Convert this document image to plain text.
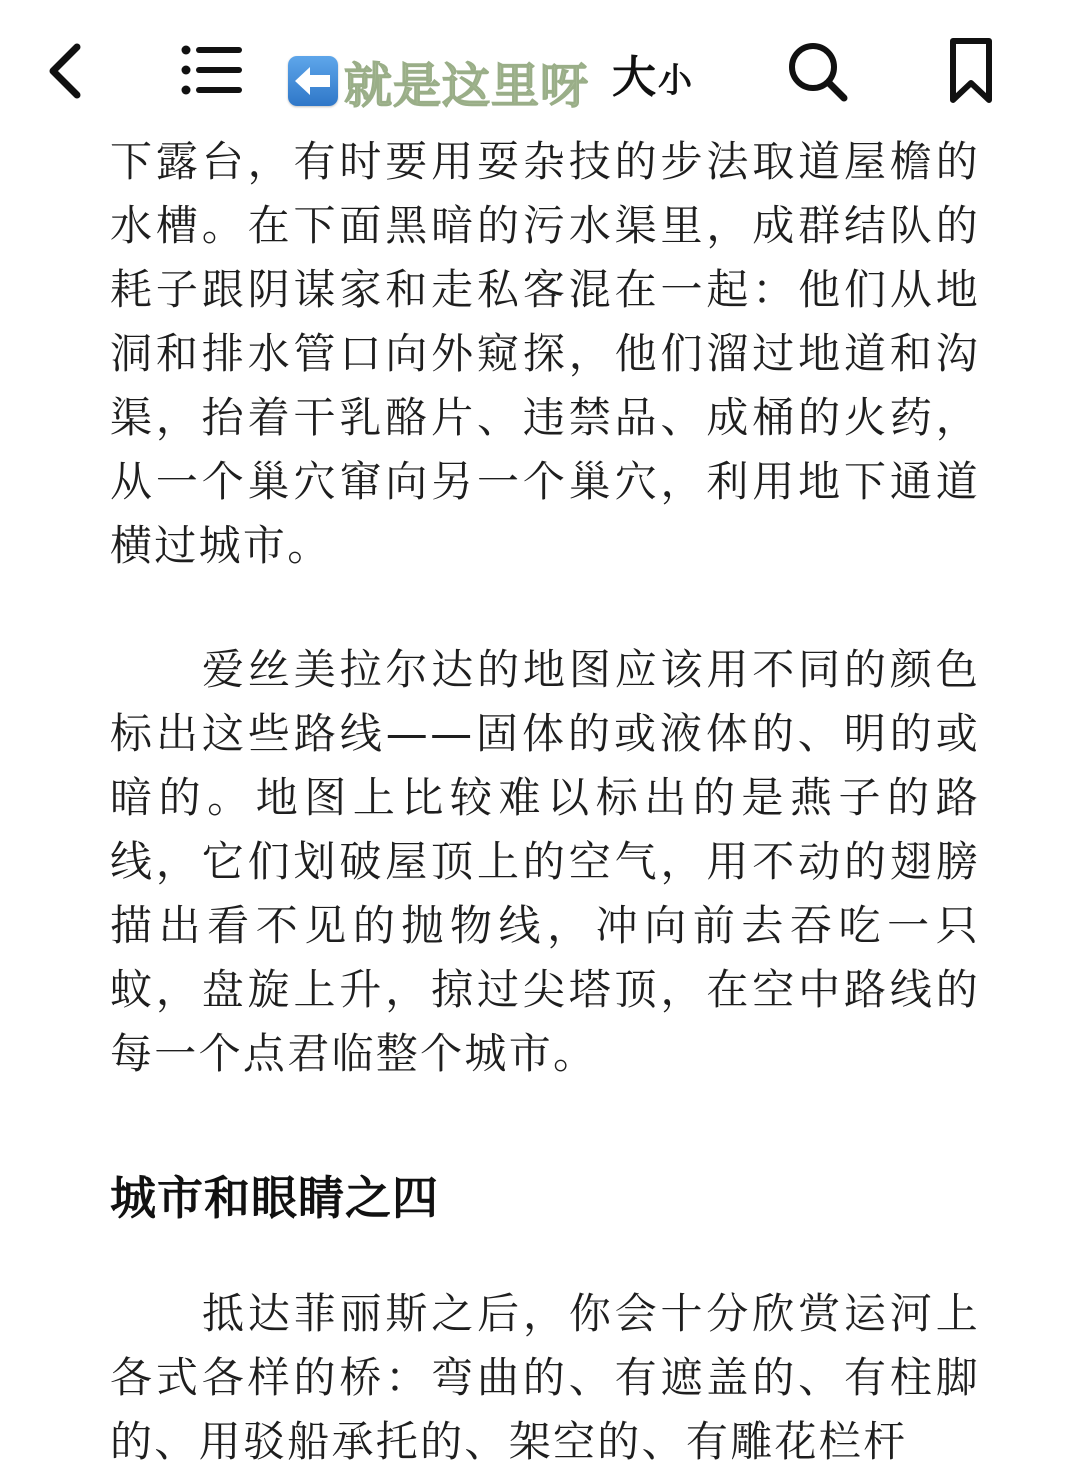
就是这里呀 大 小

下露台，有时要用耍杂技的步法取道屋檐的水槽。在下面黑暗的污水渠里，成群结队的耗子跟阴谋家和走私客混在一起：他们从地洞和排水管口向外窥探，他们溜过地道和沟渠，抬着干乳酪片、违禁品、成桶的火药，从一个巢穴窜向另一个巢穴，利用地下通道横过城市。

爱丝美拉尔达的地图应该用不同的颜色标出这些路线——固体的或液体的、明的或暗的。地图上比较难以标出的是燕子的路线，它们划破屋顶上的空气，用不动的翅膀描出看不见的抛物线，冲向前去吞吃一只蚊，盘旋上升，掠过尖塔顶，在空中路线的每一个点君临整个城市。

城市和眼睛之四

抵达菲丽斯之后，你会十分欣赏运河上各式各样的桥：弯曲的、有遮盖的、有柱脚的、用驳船承托的、架空的、有雕花栏杆
